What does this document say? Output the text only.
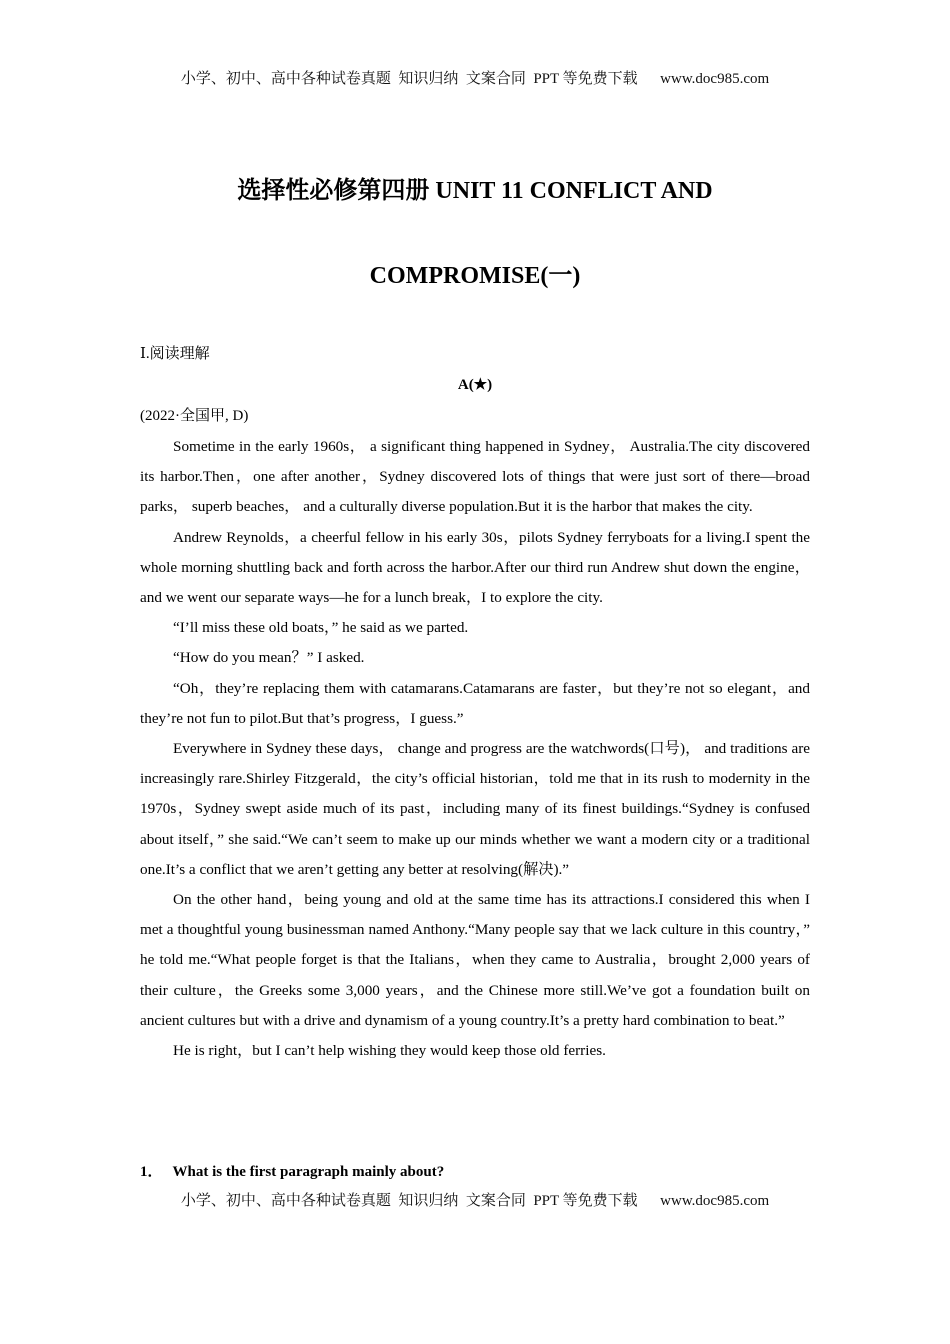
小学、初中、高中各种试卷真题  知识归纳  文案合同  PPT 等免费下载      www.doc985.com
选择性必修第四册 UNIT 11 CONFLICT AND
COMPROMISE(一)
Ⅰ.阅读理解
A(★)
(2022·全国甲, D)

Sometime in the early 1960s， a significant thing happened in Sydney， Australia.The city discovered its harbor.Then，one after another，Sydney discovered lots of things that were just sort of there—broad parks， superb beaches， and a culturally diverse population.But it is the harbor that makes the city.

Andrew Reynolds，a cheerful fellow in his early 30s，pilots Sydney ferryboats for a living.I spent the whole morning shuttling back and forth across the harbor.After our third run Andrew shut down the engine，and we went our separate ways—he for a lunch break，I to explore the city.

“I’ll miss these old boats，” he said as we parted.

“How do you mean？” I asked.

“Oh，they’re replacing them with catamarans.Catamarans are faster，but they’re not so elegant，and they’re not fun to pilot.But that’s progress，I guess.”

Everywhere in Sydney these days， change and progress are the watchwords(口号)， and traditions are increasingly rare.Shirley Fitzgerald，the city’s official historian，told me that in its rush to modernity in the 1970s，Sydney swept aside much of its past，including many of its finest buildings.“Sydney is confused about itself，” she said.“We can’t seem to make up our minds whether we want a modern city or a traditional one.It’s a conflict that we aren’t getting any better at resolving(解决).”

On the other hand，being young and old at the same time has its attractions.I considered this when I met a thoughtful young businessman named Anthony.“Many people say that we lack culture in this country，” he told me.“What people forget is that the Italians，when they came to Australia，brought 2,000 years of their culture，the Greeks some 3,000 years，and the Chinese more still.We’ve got a foundation built on ancient cultures but with a drive and dynamism of a young country.It’s a pretty hard combination to beat.”

He is right，but I can’t help wishing they would keep those old ferries.

1． What is the first paragraph mainly about?
小学、初中、高中各种试卷真题  知识归纳  文案合同  PPT 等免费下载      www.doc985.com
